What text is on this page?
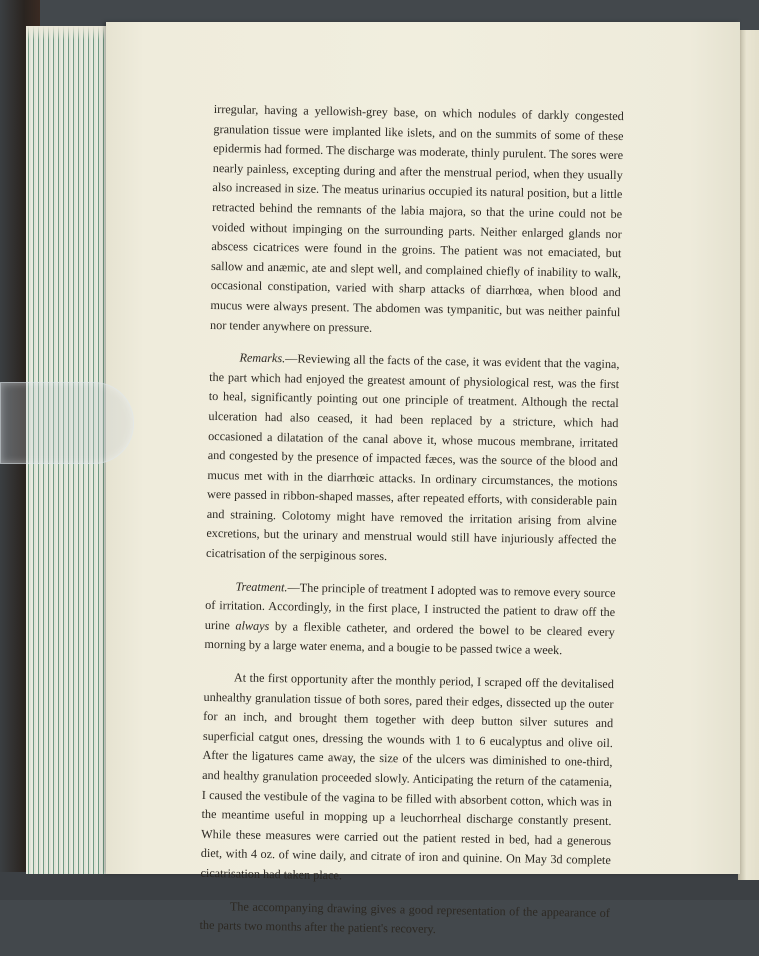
irregular, having a yellowish-grey base, on which nodules of darkly congested granulation tissue were implanted like islets, and on the summits of some of these epidermis had formed. The discharge was moderate, thinly purulent. The sores were nearly painless, excepting during and after the menstrual period, when they usually also increased in size. The meatus urinarius occupied its natural position, but a little retracted behind the remnants of the labia majora, so that the urine could not be voided without impinging on the surrounding parts. Neither enlarged glands nor abscess cicatrices were found in the groins. The patient was not emaciated, but sallow and anæmic, ate and slept well, and complained chiefly of inability to walk, occasional constipation, varied with sharp attacks of diarrhœa, when blood and mucus were always present. The abdomen was tympanitic, but was neither painful nor tender anywhere on pressure.

Remarks.—Reviewing all the facts of the case, it was evident that the vagina, the part which had enjoyed the greatest amount of physiological rest, was the first to heal, significantly pointing out one principle of treatment. Although the rectal ulceration had also ceased, it had been replaced by a stricture, which had occasioned a dilatation of the canal above it, whose mucous membrane, irritated and congested by the presence of impacted fæces, was the source of the blood and mucus met with in the diarrhœic attacks. In ordinary circumstances, the motions were passed in ribbon-shaped masses, after repeated efforts, with considerable pain and straining. Colotomy might have removed the irritation arising from alvine excretions, but the urinary and menstrual would still have injuriously affected the cicatrisation of the serpiginous sores.

Treatment.—The principle of treatment I adopted was to remove every source of irritation. Accordingly, in the first place, I instructed the patient to draw off the urine always by a flexible catheter, and ordered the bowel to be cleared every morning by a large water enema, and a bougie to be passed twice a week.

At the first opportunity after the monthly period, I scraped off the devitalised unhealthy granulation tissue of both sores, pared their edges, dissected up the outer for an inch, and brought them together with deep button silver sutures and superficial catgut ones, dressing the wounds with 1 to 6 eucalyptus and olive oil. After the ligatures came away, the size of the ulcers was diminished to one-third, and healthy granulation proceeded slowly. Anticipating the return of the catamenia, I caused the vestibule of the vagina to be filled with absorbent cotton, which was in the meantime useful in mopping up a leuchorrheal discharge constantly present. While these measures were carried out the patient rested in bed, had a generous diet, with 4 oz. of wine daily, and citrate of iron and quinine. On May 3d complete cicatrisation had taken place.

The accompanying drawing gives a good representation of the appearance of the parts two months after the patient's recovery.
